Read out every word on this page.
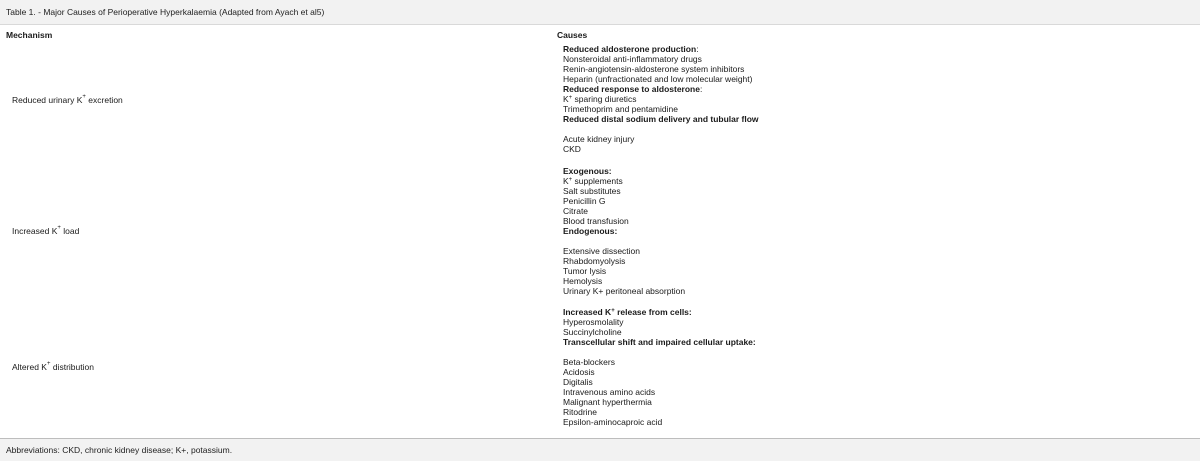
Table 1. - Major Causes of Perioperative Hyperkalaemia (Adapted from Ayach et al5)
Mechanism	Causes
Reduced urinary K+ excretion
Reduced aldosterone production:
Nonsteroidal anti-inflammatory drugs
Renin-angiotensin-aldosterone system inhibitors
Heparin (unfractionated and low molecular weight)
Reduced response to aldosterone:
K+ sparing diuretics
Trimethoprim and pentamidine
Reduced distal sodium delivery and tubular flow
Acute kidney injury
CKD
Increased K+ load
Exogenous:
K+ supplements
Salt substitutes
Penicillin G
Citrate
Blood transfusion
Endogenous:
Extensive dissection
Rhabdomyolysis
Tumor lysis
Hemolysis
Urinary K+ peritoneal absorption
Altered K+ distribution
Increased K+ release from cells:
Hyperosmolality
Succinylcholine
Transcellular shift and impaired cellular uptake:
Beta-blockers
Acidosis
Digitalis
Intravenous amino acids
Malignant hyperthermia
Ritodrine
Epsilon-aminocaproic acid
Abbreviations: CKD, chronic kidney disease; K+, potassium.
